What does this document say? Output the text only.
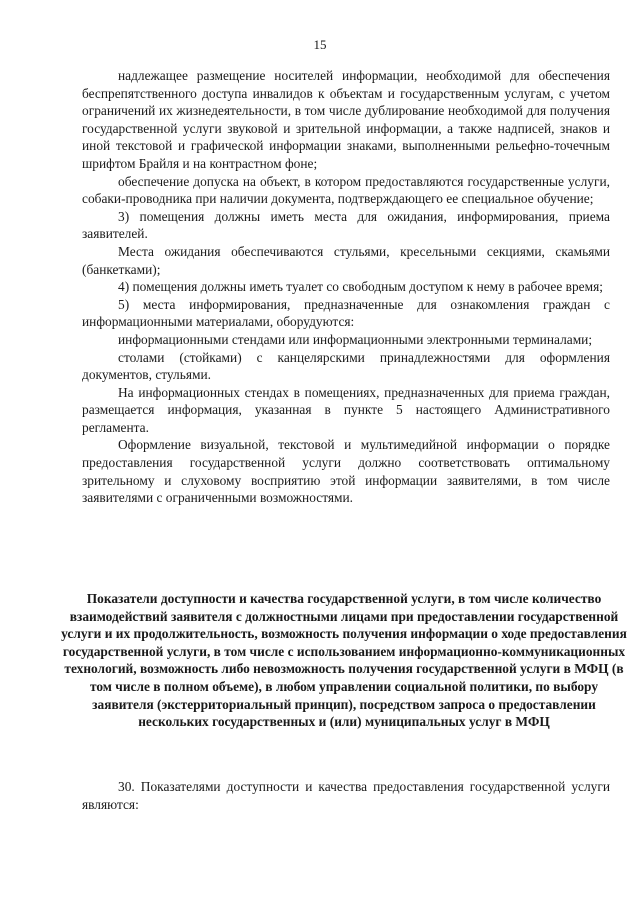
15

надлежащее размещение носителей информации, необходимой для обеспечения беспрепятственного доступа инвалидов к объектам и государственным услугам, с учетом ограничений их жизнедеятельности, в том числе дублирование необходимой для получения государственной услуги звуковой и зрительной информации, а также надписей, знаков и иной текстовой и графической информации знаками, выполненными рельефно-точечным шрифтом Брайля и на контрастном фоне;

обеспечение допуска на объект, в котором предоставляются государственные услуги, собаки-проводника при наличии документа, подтверждающего ее специальное обучение;

3) помещения должны иметь места для ожидания, информирования, приема заявителей.

Места ожидания обеспечиваются стульями, кресельными секциями, скамьями (банкетками);

4) помещения должны иметь туалет со свободным доступом к нему в рабочее время;

5) места информирования, предназначенные для ознакомления граждан с информационными материалами, оборудуются:

информационными стендами или информационными электронными терминалами;

столами (стойками) с канцелярскими принадлежностями для оформления документов, стульями.

На информационных стендах в помещениях, предназначенных для приема граждан, размещается информация, указанная в пункте 5 настоящего Административного регламента.

Оформление визуальной, текстовой и мультимедийной информации о порядке предоставления государственной услуги должно соответствовать оптимальному зрительному и слуховому восприятию этой информации заявителями, в том числе заявителями с ограниченными возможностями.

Показатели доступности и качества государственной услуги, в том числе количество взаимодействий заявителя с должностными лицами при предоставлении государственной услуги и их продолжительность, возможность получения информации о ходе предоставления государственной услуги, в том числе с использованием информационно-коммуникационных технологий, возможность либо невозможность получения государственной услуги в МФЦ (в том числе в полном объеме), в любом управлении социальной политики, по выбору заявителя (экстерриториальный принцип), посредством запроса о предоставлении нескольких государственных и (или) муниципальных услуг в МФЦ

30. Показателями доступности и качества предоставления государственной услуги являются:
